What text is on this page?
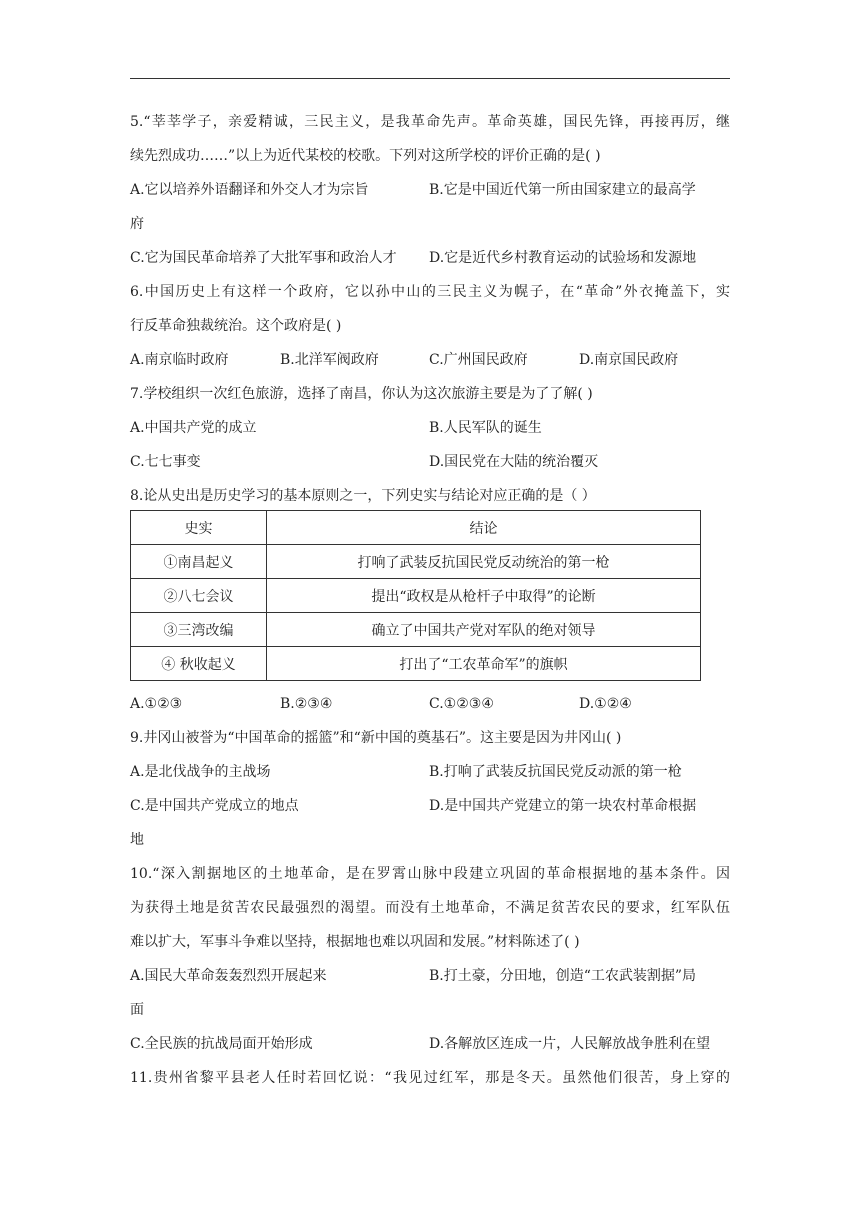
5.“莘莘学子，亲爱精诚，三民主义，是我革命先声。革命英雄，国民先锋，再接再厉，继
续先烈成功……”以上为近代某校的校歌。下列对这所学校的评价正确的是( )
A.它以培养外语翻译和外交人才为宗旨	B.它是中国近代第一所由国家建立的最高学
府
C.它为国民革命培养了大批军事和政治人才 D.它是近代乡村教育运动的试验场和发源地
6.中国历史上有这样一个政府，它以孙中山的三民主义为幌子，在“革命”外衣掩盖下，实
行反革命独裁统治。这个政府是( )
A.南京临时政府	B.北洋军阀政府	C.广州国民政府	D.南京国民政府
7.学校组织一次红色旅游，选择了南昌，你认为这次旅游主要是为了了解( )
A.中国共产党的成立	B.人民军队的诞生
C.七七事变	D.国民党在大陆的统治覆灭
8.论从史出是历史学习的基本原则之一，下列史实与结论对应正确的是（ ）
史实	结论
①南昌起义	打响了武装反抗国民党反动统治的第一枪
②八七会议	提出“政权是从枪杆子中取得”的论断
③三湾改编	确立了中国共产党对军队的绝对领导
④ 秋收起义	打出了“工农革命军”的旗帜
A.①②③	B.②③④	C.①②③④	D.①②④
9.井冈山被誉为“中国革命的摇篮”和“新中国的奠基石”。这主要是因为井冈山( )
A.是北伐战争的主战场	B.打响了武装反抗国民党反动派的第一枪
C.是中国共产党成立的地点	D.是中国共产党建立的第一块农村革命根据
地
10.“深入割据地区的土地革命，是在罗霄山脉中段建立巩固的革命根据地的基本条件。因
为获得土地是贫苦农民最强烈的渴望。而没有土地革命，不满足贫苦农民的要求，红军队伍
难以扩大，军事斗争难以坚持，根据地也难以巩固和发展。”材料陈述了( )
A.国民大革命轰轰烈烈开展起来	B.打土豪，分田地，创造“工农武装割据”局
面
C.全民族的抗战局面开始形成	D.各解放区连成一片，人民解放战争胜利在望
11.贵州省黎平县老人任时若回忆说：“我见过红军，那是冬天。虽然他们很苦，身上穿的
